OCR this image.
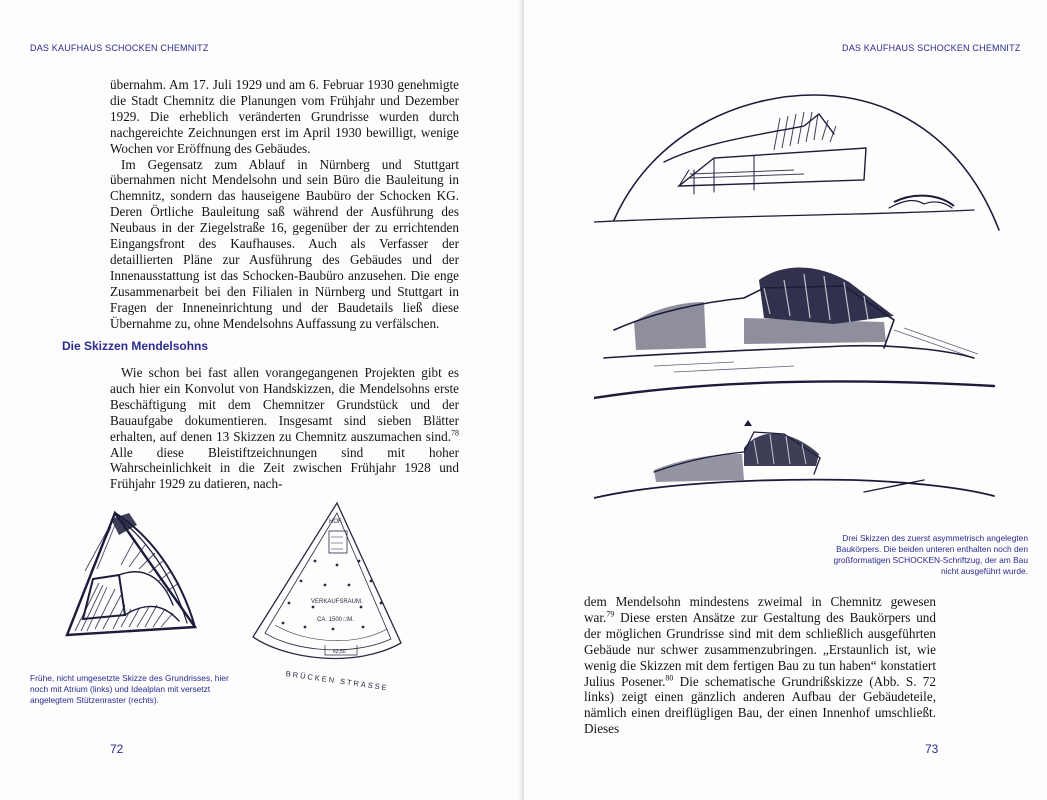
DAS KAUFHAUS SCHOCKEN CHEMNITZ

übernahm. Am 17. Juli 1929 und am 6. Februar 1930 genehmigte die Stadt Chemnitz die Planungen vom Frühjahr und Dezember 1929. Die erheblich veränderten Grundrisse wurden durch nachgereichte Zeichnungen erst im April 1930 bewilligt, wenige Wochen vor Eröffnung des Gebäudes.

Im Gegensatz zum Ablauf in Nürnberg und Stuttgart übernahmen nicht Mendelsohn und sein Büro die Bauleitung in Chemnitz, sondern das hauseigene Baubüro der Schocken KG. Deren Örtliche Bauleitung saß während der Ausführung des Neubaus in der Ziegelstraße 16, gegenüber der zu errichtenden Eingangsfront des Kaufhauses. Auch als Verfasser der detaillierten Pläne zur Ausführung des Gebäudes und der Innenausstattung ist das Schocken-Baubüro anzusehen. Die enge Zusammenarbeit bei den Filialen in Nürnberg und Stuttgart in Fragen der Inneneinrichtung und der Baudetails ließ diese Übernahme zu, ohne Mendelsohns Auffassung zu verfälschen.

Die Skizzen Mendelsohns

Wie schon bei fast allen vorangegangenen Projekten gibt es auch hier ein Konvolut von Handskizzen, die Mendelsohns erste Beschäftigung mit dem Chemnitzer Grundstück und der Bauaufgabe dokumentieren. Insgesamt sind sieben Blätter erhalten, auf denen 13 Skizzen zu Chemnitz auszumachen sind.$^{78}$ Alle diese Bleistiftzeichnungen sind mit hoher Wahrscheinlichkeit in die Zeit zwischen Frühjahr 1928 und Frühjahr 1929 zu datieren, nach-

HOF.
VERKAUFSRAUM.
CA. 1500 □M.
62,50
BRÜCKEN STRASSE
Frühe, nicht umgesetzte Skizze des Grundrisses, hier noch mit Atrium (links) und Idealplan mit versetzt angelegtem Stützenraster (rechts).
72
DAS KAUFHAUS SCHOCKEN CHEMNITZ
Drei Skizzen des zuerst asymmetrisch angelegten Baukörpers. Die beiden unteren enthalten noch den großformatigen SCHOCKEN-Schriftzug, der am Bau nicht ausgeführt wurde.

dem Mendelsohn mindestens zweimal in Chemnitz gewesen war.$^{79}$ Diese ersten Ansätze zur Gestaltung des Baukörpers und der möglichen Grundrisse sind mit dem schließlich ausgeführten Gebäude nur schwer zusammenzubringen. „Erstaunlich ist, wie wenig die Skizzen mit dem fertigen Bau zu tun haben“ konstatiert Julius Posener.$^{80}$ Die schematische Grundrißskizze (Abb. S. 72 links) zeigt einen gänzlich anderen Aufbau der Gebäudeteile, nämlich einen dreiflügligen Bau, der einen Innenhof umschließt. Dieses

73
